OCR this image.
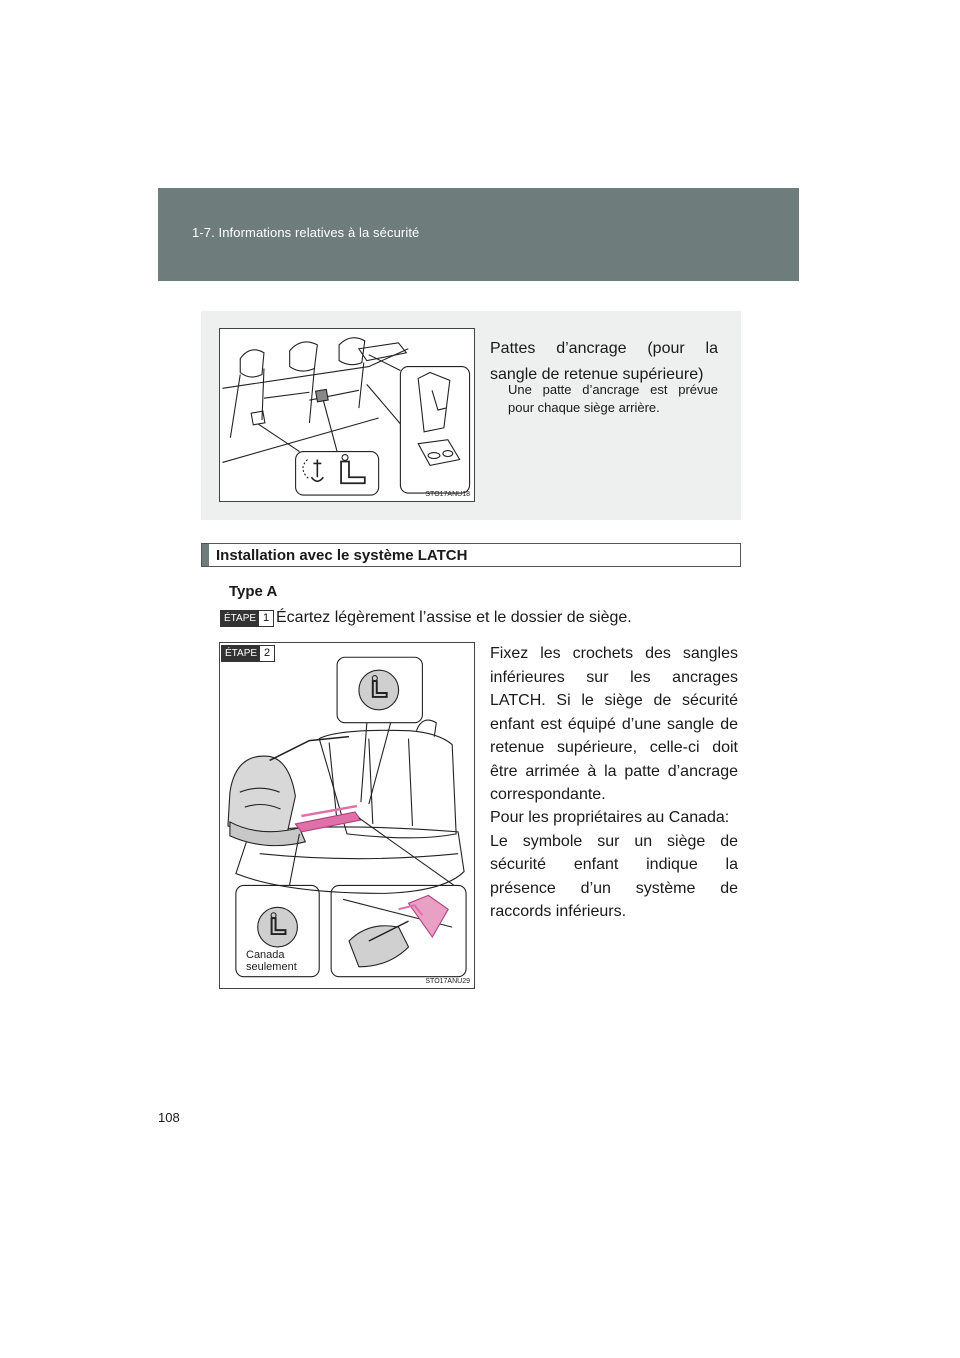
1-7. Informations relatives à la sécurité
STO17ANU18
Pattes d’ancrage (pour la sangle de retenue supérieure)
Une patte d’ancrage est prévue pour chaque siège arrière.
Installation avec le système LATCH
Type A
ÉTAPE 1 Écartez légèrement l’assise et le dossier de siège.
ÉTAPE 2
Canada
seulement
STO17ANU29
Fixez les crochets des sangles inférieures sur les ancrages LATCH. Si le siège de sécurité enfant est équipé d’une sangle de retenue supérieure, celle-ci doit être arrimée à la patte d’ancrage correspondante.
Pour les propriétaires au Canada:
Le symbole sur un siège de sécurité enfant indique la présence d’un système de raccords inférieurs.
108
